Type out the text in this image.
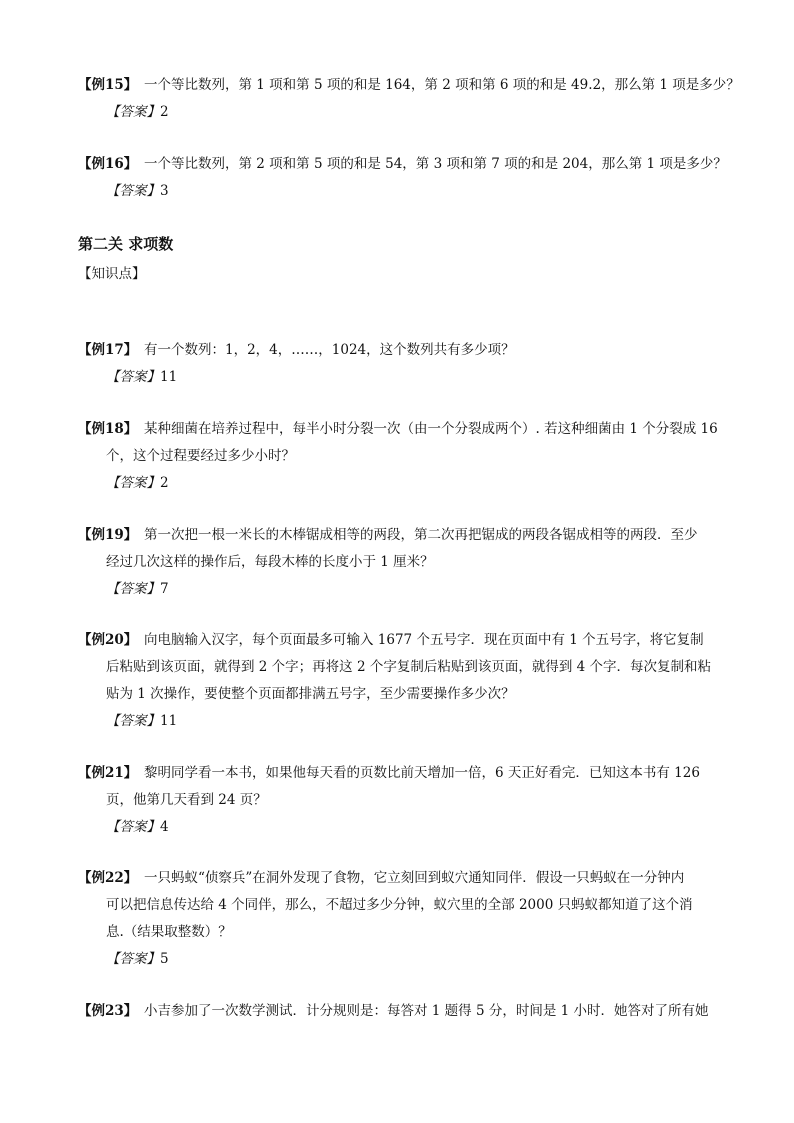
【例15】 一个等比数列，第 1 项和第 5 项的和是 164，第 2 项和第 6 项的和是 49.2，那么第 1 项是多少？
【答案】2
【例16】 一个等比数列，第 2 项和第 5 项的和是 54，第 3 项和第 7 项的和是 204，那么第 1 项是多少？
【答案】3
第二关 求项数
【知识点】
【例17】 有一个数列：1，2，4，……，1024，这个数列共有多少项？
【答案】11
【例18】 某种细菌在培养过程中，每半小时分裂一次（由一个分裂成两个）. 若这种细菌由 1 个分裂成 16
个，这个过程要经过多少小时？
【答案】2
【例19】 第一次把一根一米长的木棒锯成相等的两段，第二次再把锯成的两段各锯成相等的两段．至少
经过几次这样的操作后，每段木棒的长度小于 1 厘米？
【答案】7
【例20】 向电脑输入汉字，每个页面最多可输入 1677 个五号字．现在页面中有 1 个五号字，将它复制
后粘贴到该页面，就得到 2 个字；再将这 2 个字复制后粘贴到该页面，就得到 4 个字．每次复制和粘
贴为 1 次操作，要使整个页面都排满五号字，至少需要操作多少次？
【答案】11
【例21】 黎明同学看一本书，如果他每天看的页数比前天增加一倍，6 天正好看完．已知这本书有 126
页，他第几天看到 24 页？
【答案】4
【例22】 一只蚂蚁“侦察兵”在洞外发现了食物，它立刻回到蚁穴通知同伴．假设一只蚂蚁在一分钟内
可以把信息传达给 4 个同伴，那么，不超过多少分钟，蚁穴里的全部 2000 只蚂蚁都知道了这个消
息.（结果取整数）？
【答案】5
【例23】 小吉参加了一次数学测试．计分规则是：每答对 1 题得 5 分，时间是 1 小时．她答对了所有她
